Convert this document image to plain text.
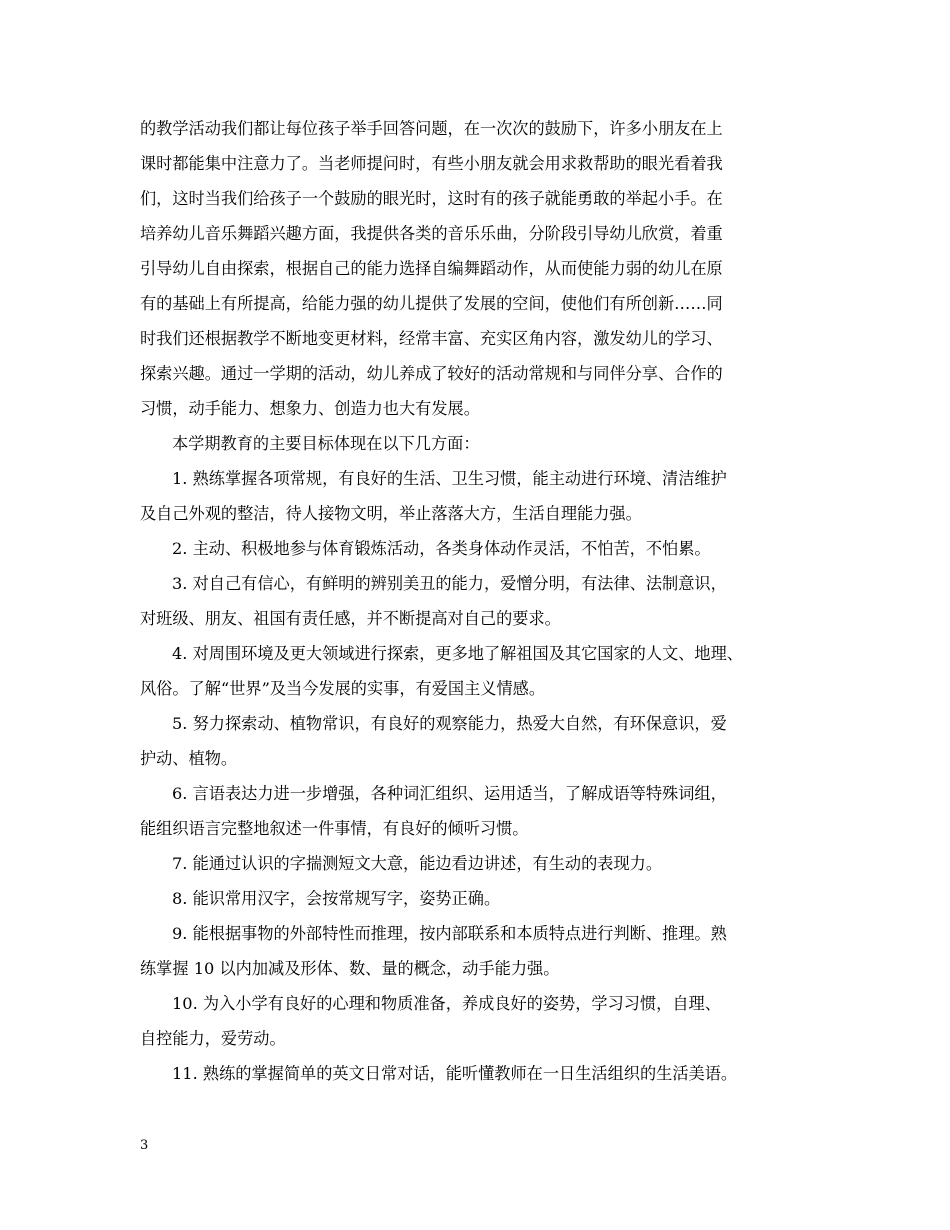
的教学活动我们都让每位孩子举手回答问题，在一次次的鼓励下，许多小朋友在上
课时都能集中注意力了。当老师提问时，有些小朋友就会用求救帮助的眼光看着我
们，这时当我们给孩子一个鼓励的眼光时，这时有的孩子就能勇敢的举起小手。在
培养幼儿音乐舞蹈兴趣方面，我提供各类的音乐乐曲，分阶段引导幼儿欣赏，着重
引导幼儿自由探索，根据自己的能力选择自编舞蹈动作，从而使能力弱的幼儿在原
有的基础上有所提高，给能力强的幼儿提供了发展的空间，使他们有所创新……同
时我们还根据教学不断地变更材料，经常丰富、充实区角内容，激发幼儿的学习、
探索兴趣。通过一学期的活动，幼儿养成了较好的活动常规和与同伴分享、合作的
习惯，动手能力、想象力、创造力也大有发展。
本学期教育的主要目标体现在以下几方面：
1. 熟练掌握各项常规，有良好的生活、卫生习惯，能主动进行环境、清洁维护
及自己外观的整洁，待人接物文明，举止落落大方，生活自理能力强。
2. 主动、积极地参与体育锻炼活动，各类身体动作灵活，不怕苦，不怕累。
3. 对自己有信心，有鲜明的辨别美丑的能力，爱憎分明，有法律、法制意识，
对班级、朋友、祖国有责任感，并不断提高对自己的要求。
4. 对周围环境及更大领域进行探索，更多地了解祖国及其它国家的人文、地理、
风俗。了解“世界”及当今发展的实事，有爱国主义情感。
5. 努力探索动、植物常识，有良好的观察能力，热爱大自然，有环保意识，爱
护动、植物。
6. 言语表达力进一步增强，各种词汇组织、运用适当，了解成语等特殊词组，
能组织语言完整地叙述一件事情，有良好的倾听习惯。
7. 能通过认识的字揣测短文大意，能边看边讲述，有生动的表现力。
8. 能识常用汉字，会按常规写字，姿势正确。
9. 能根据事物的外部特性而推理，按内部联系和本质特点进行判断、推理。熟
练掌握 10 以内加减及形体、数、量的概念，动手能力强。
10. 为入小学有良好的心理和物质准备，养成良好的姿势，学习习惯，自理、
自控能力，爱劳动。
11. 熟练的掌握简单的英文日常对话，能听懂教师在一日生活组织的生活美语。
3
